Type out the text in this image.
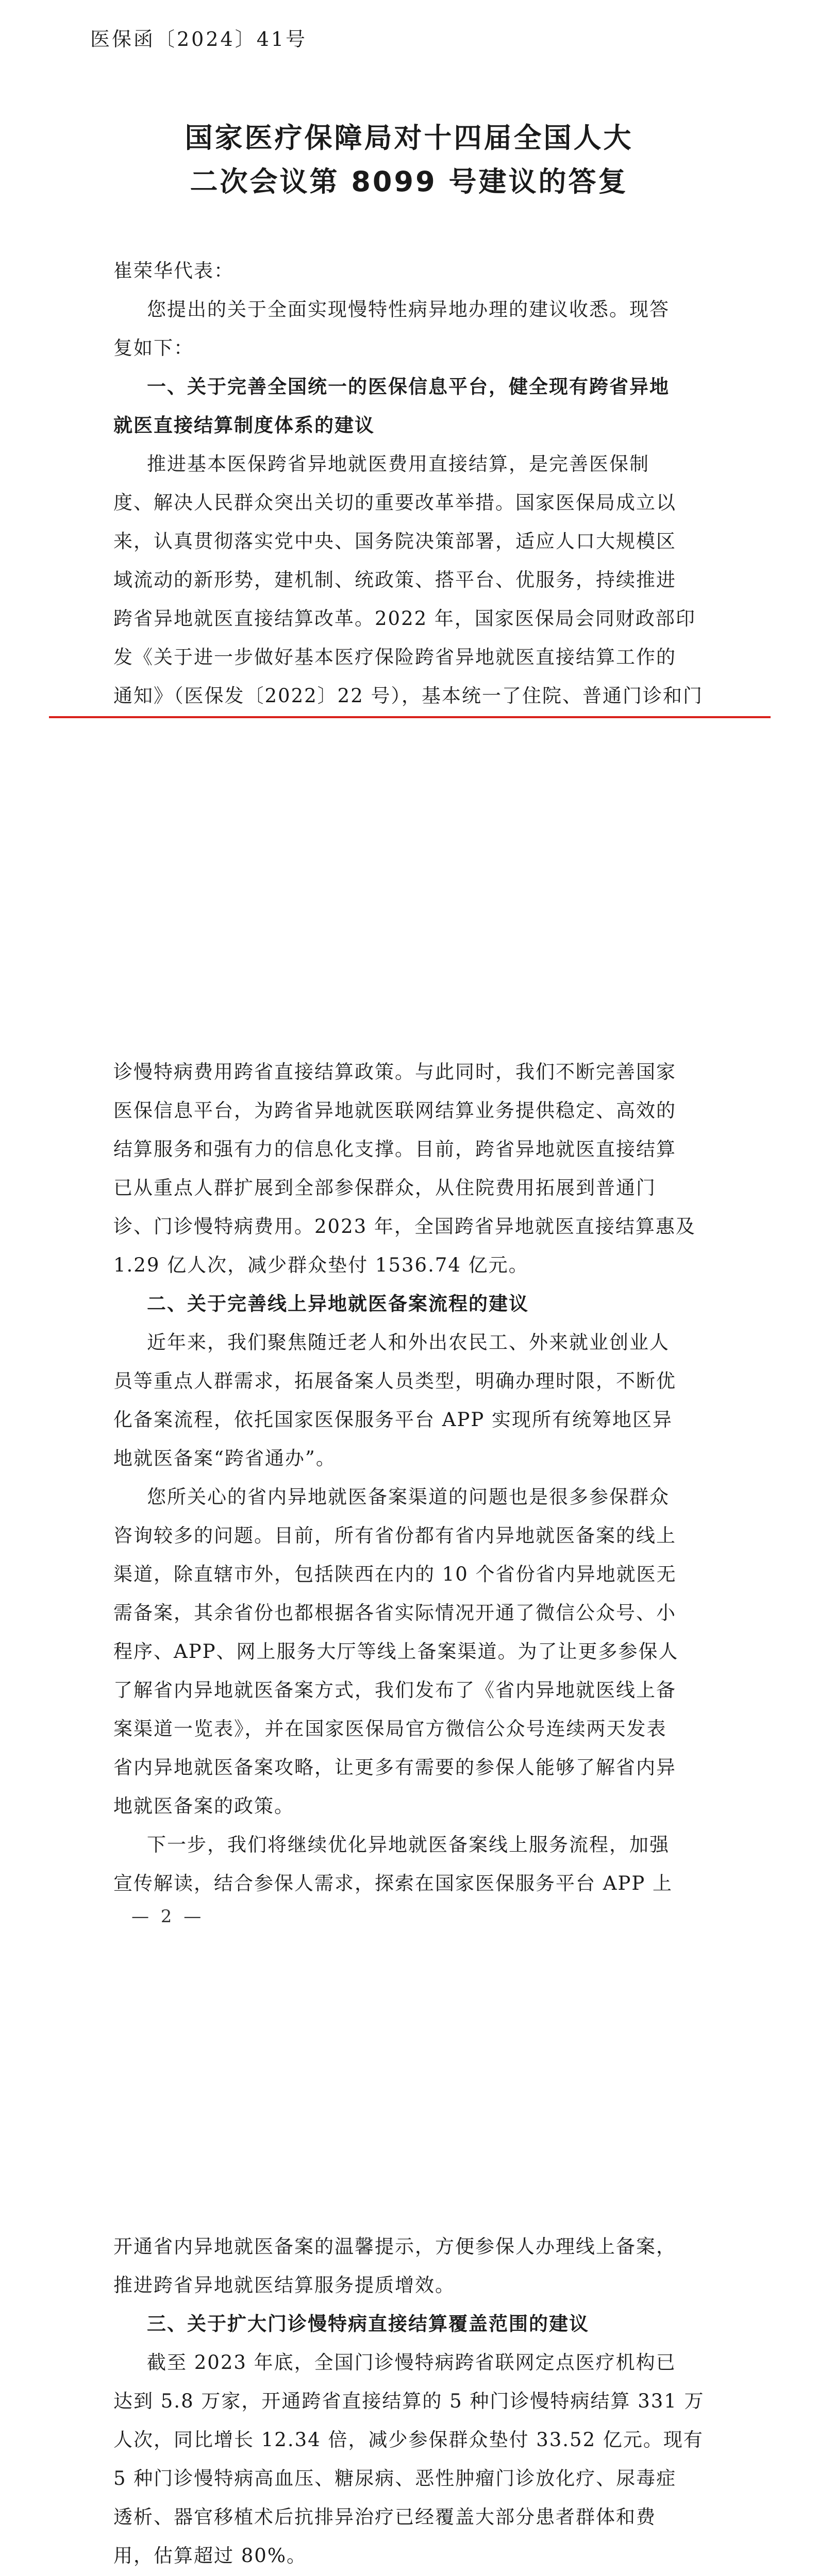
医保函〔2024〕41号
国家医疗保障局对十四届全国人大
二次会议第 8099 号建议的答复
崔荣华代表：
您提出的关于全面实现慢特性病异地办理的建议收悉。现答
复如下：
一、关于完善全国统一的医保信息平台，健全现有跨省异地
就医直接结算制度体系的建议
推进基本医保跨省异地就医费用直接结算，是完善医保制
度、解决人民群众突出关切的重要改革举措。国家医保局成立以
来，认真贯彻落实党中央、国务院决策部署，适应人口大规模区
域流动的新形势，建机制、统政策、搭平台、优服务，持续推进
跨省异地就医直接结算改革。2022 年，国家医保局会同财政部印
发《关于进一步做好基本医疗保险跨省异地就医直接结算工作的
通知》（医保发〔2022〕22 号），基本统一了住院、普通门诊和门
诊慢特病费用跨省直接结算政策。与此同时，我们不断完善国家
医保信息平台，为跨省异地就医联网结算业务提供稳定、高效的
结算服务和强有力的信息化支撑。目前，跨省异地就医直接结算
已从重点人群扩展到全部参保群众，从住院费用拓展到普通门
诊、门诊慢特病费用。2023 年，全国跨省异地就医直接结算惠及
1.29 亿人次，减少群众垫付 1536.74 亿元。
二、关于完善线上异地就医备案流程的建议
近年来，我们聚焦随迁老人和外出农民工、外来就业创业人
员等重点人群需求，拓展备案人员类型，明确办理时限，不断优
化备案流程，依托国家医保服务平台 APP 实现所有统筹地区异
地就医备案“跨省通办”。
您所关心的省内异地就医备案渠道的问题也是很多参保群众
咨询较多的问题。目前，所有省份都有省内异地就医备案的线上
渠道，除直辖市外，包括陕西在内的 10 个省份省内异地就医无
需备案，其余省份也都根据各省实际情况开通了微信公众号、小
程序、APP、网上服务大厅等线上备案渠道。为了让更多参保人
了解省内异地就医备案方式，我们发布了《省内异地就医线上备
案渠道一览表》，并在国家医保局官方微信公众号连续两天发表
省内异地就医备案攻略，让更多有需要的参保人能够了解省内异
地就医备案的政策。
下一步，我们将继续优化异地就医备案线上服务流程，加强
宣传解读，结合参保人需求，探索在国家医保服务平台 APP 上
— 2 —
开通省内异地就医备案的温馨提示，方便参保人办理线上备案，
推进跨省异地就医结算服务提质增效。
三、关于扩大门诊慢特病直接结算覆盖范围的建议
截至 2023 年底，全国门诊慢特病跨省联网定点医疗机构已
达到 5.8 万家，开通跨省直接结算的 5 种门诊慢特病结算 331 万
人次，同比增长 12.34 倍，减少参保群众垫付 33.52 亿元。现有
5 种门诊慢特病高血压、糖尿病、恶性肿瘤门诊放化疗、尿毒症
透析、器官移植术后抗排异治疗已经覆盖大部分患者群体和费
用，估算超过 80%。
